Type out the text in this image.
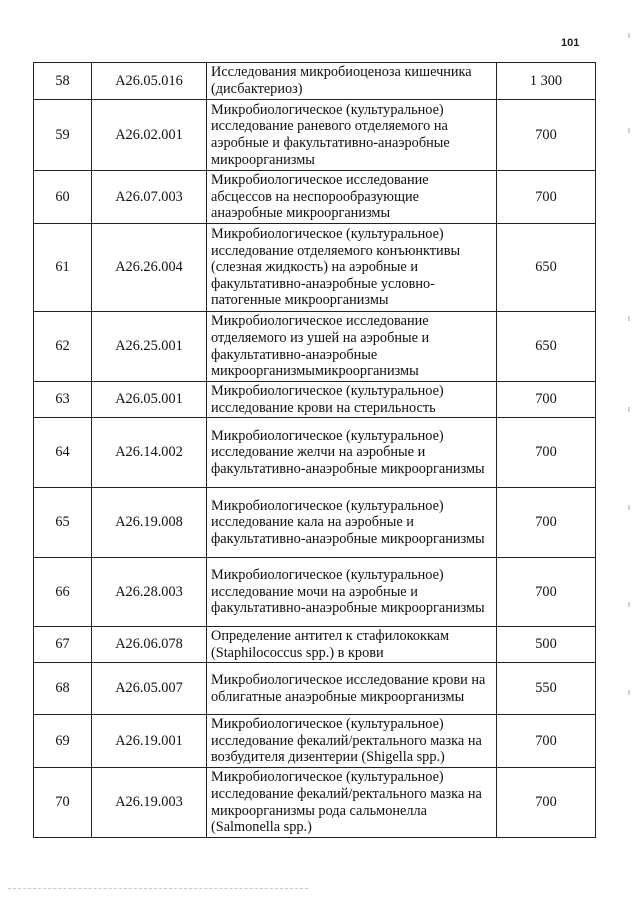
101
58	A26.05.016	Исследования микробиоценоза кишечника (дисбактериоз)	1 300
59	A26.02.001	Микробиологическое (культуральное) исследование раневого отделяемого на аэробные и факультативно-анаэробные микроорганизмы	700
60	A26.07.003	Микробиологическое исследование абсцессов на неспорообразующие анаэробные микроорганизмы	700
61	A26.26.004	Микробиологическое (культуральное) исследование отделяемого конъюнктивы (слезная жидкость) на аэробные и факультативно-анаэробные условно-патогенные микроорганизмы	650
62	A26.25.001	Микробиологическое исследование отделяемого из ушей на аэробные и факультативно-анаэробные микроорганизмымикроорганизмы	650
63	A26.05.001	Микробиологическое (культуральное) исследование крови на стерильность	700
64	A26.14.002	Микробиологическое (культуральное) исследование желчи на аэробные и факультативно-анаэробные микроорганизмы	700
65	A26.19.008	Микробиологическое (культуральное) исследование кала на аэробные и факультативно-анаэробные микроорганизмы	700
66	A26.28.003	Микробиологическое (культуральное) исследование мочи на аэробные и факультативно-анаэробные микроорганизмы	700
67	A26.06.078	Определение антител к стафилококкам (Staphilococcus spp.) в крови	500
68	A26.05.007	Микробиологическое исследование крови на облигатные анаэробные микроорганизмы	550
69	A26.19.001	Микробиологическое (культуральное) исследование фекалий/ректального мазка на возбудителя дизентерии (Shigella spp.)	700
70	A26.19.003	Микробиологическое (культуральное) исследование фекалий/ректального мазка на микроорганизмы рода сальмонелла (Salmonella spp.)	700
